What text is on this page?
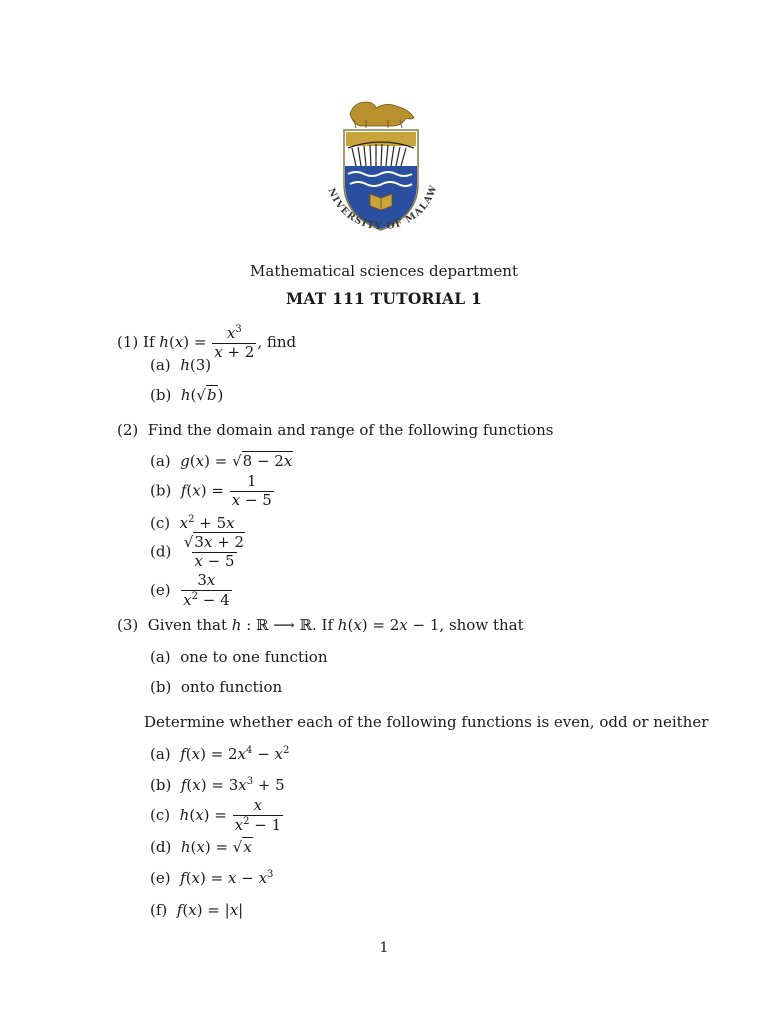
NIVERSITY OF MALAW
Mathematical sciences department
MAT 111 TUTORIAL 1
(1) If $h(x) = \frac{x^3}{x + 2}$ , find
(a)  h(3)
(b)  h(√b)
(2)  Find the domain and range of the following functions
(a)  g(x) = √8 − 2x
(b)  $f(x) = \frac{1}{x - 5}$
(c)  $x^2 + 5x$
$(d) \frac{√3x + 2}{x - 5}$
$(e) \frac{3x}{x^2 - 4}$
(3)  Given that h : ℝ ⟶ ℝ. If h(x) = 2x − 1, show that
(a)  one to one function
(b)  onto function
Determine whether each of the following functions is even, odd or neither
(a)  $f(x) = 2x^4 - x^2$
(b)  $f(x) = 3x^3 + 5$
(c)  $h(x) = \frac{x}{x^2 - 1}$
(d)  h(x) = √x
(e)  $f(x) = x - x^3$
(f)  f(x) = |x|
1
